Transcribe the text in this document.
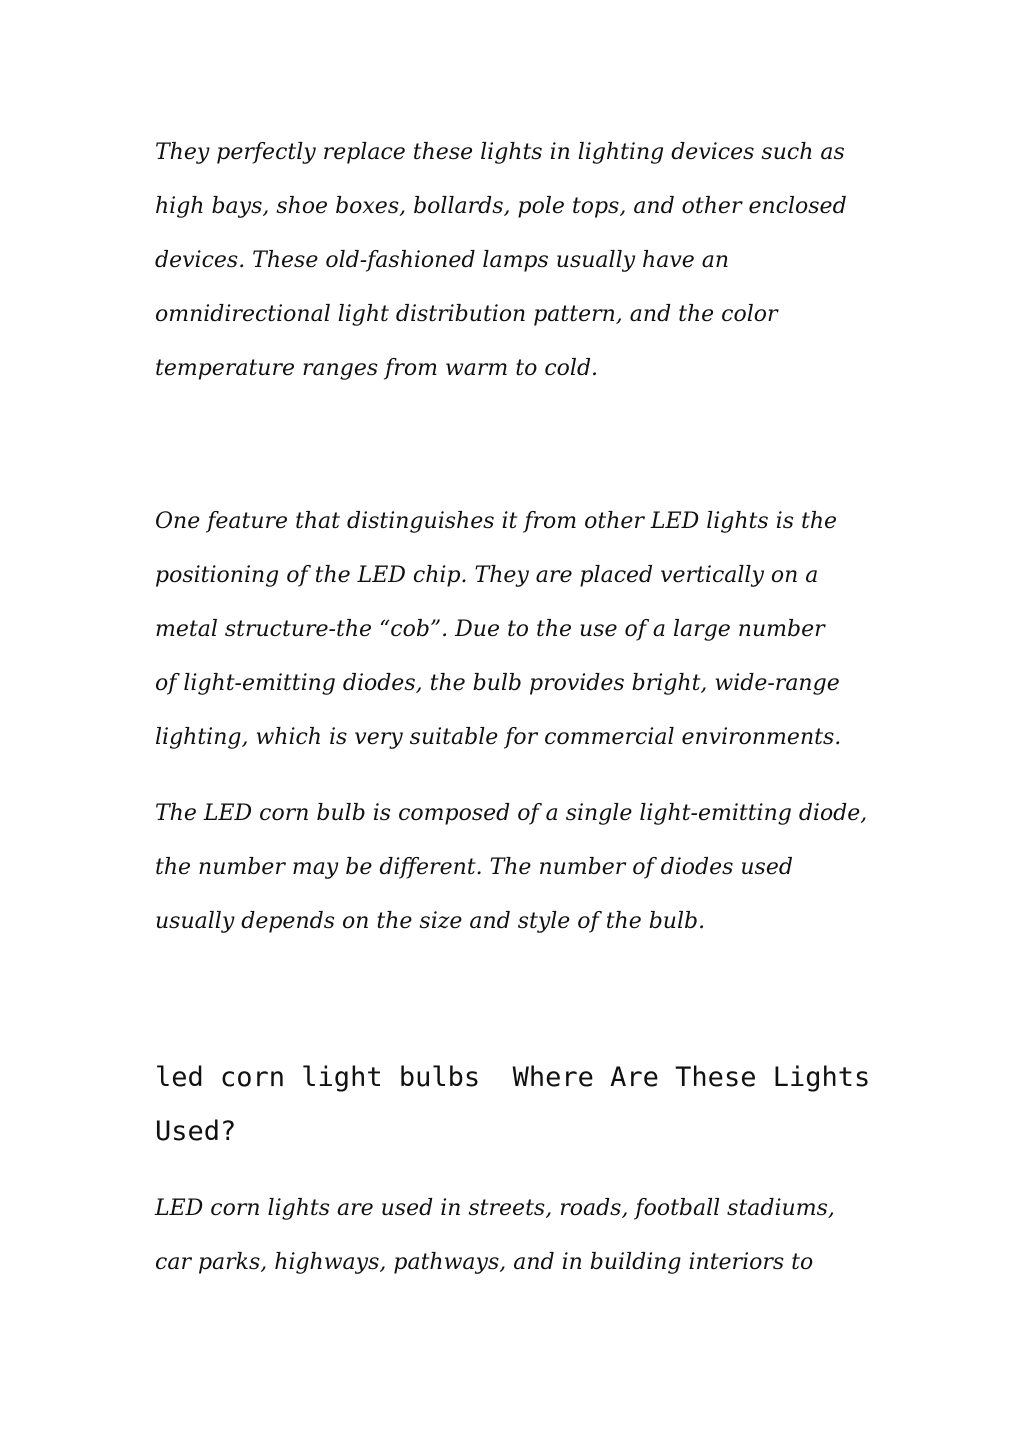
They perfectly replace these lights in lighting devices such as
high bays, shoe boxes, bollards, pole tops, and other enclosed
devices. These old-fashioned lamps usually have an
omnidirectional light distribution pattern, and the color
temperature ranges from warm to cold.
One feature that distinguishes it from other LED lights is the
positioning of the LED chip. They are placed vertically on a
metal structure-the “cob”. Due to the use of a large number
of light-emitting diodes, the bulb provides bright, wide-range
lighting, which is very suitable for commercial environments.
The LED corn bulb is composed of a single light-emitting diode,
the number may be different. The number of diodes used
usually depends on the size and style of the bulb.
led corn light bulbs  Where Are These Lights
Used?
LED corn lights are used in streets, roads, football stadiums,
car parks, highways, pathways, and in building interiors to
